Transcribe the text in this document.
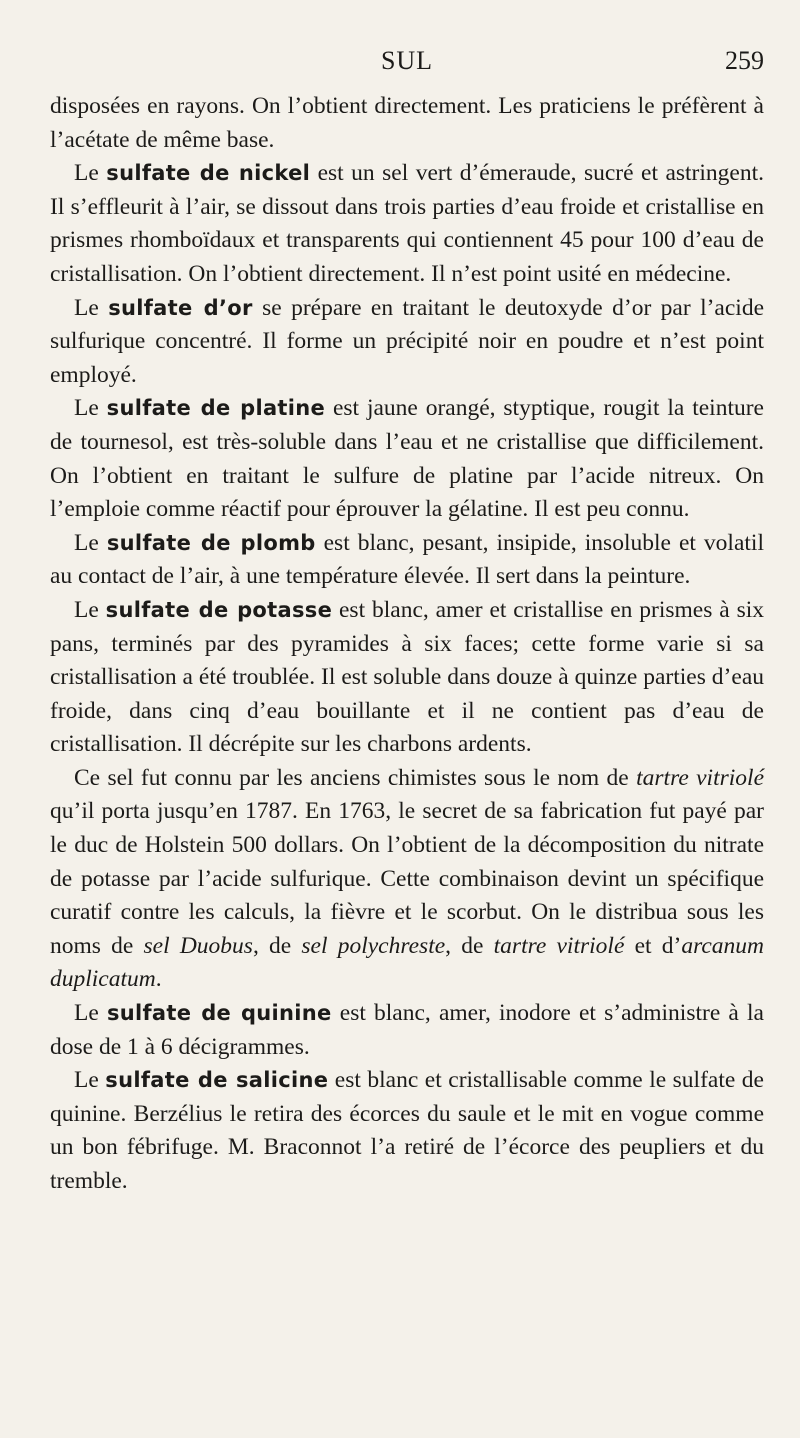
SUL	259

disposées en rayons. On l’obtient directement. Les praticiens le préfèrent à l’acétate de même base.

Le sulfate de nickel est un sel vert d’émeraude, sucré et astringent. Il s’effleurit à l’air, se dissout dans trois parties d’eau froide et cristallise en prismes rhomboïdaux et transparents qui contiennent 45 pour 100 d’eau de cristallisation. On l’obtient directement. Il n’est point usité en médecine.

Le sulfate d’or se prépare en traitant le deutoxyde d’or par l’acide sulfurique concentré. Il forme un précipité noir en poudre et n’est point employé.

Le sulfate de platine est jaune orangé, styptique, rougit la teinture de tournesol, est très-soluble dans l’eau et ne cristallise que difficilement. On l’obtient en traitant le sulfure de platine par l’acide nitreux. On l’emploie comme réactif pour éprouver la gélatine. Il est peu connu.

Le sulfate de plomb est blanc, pesant, insipide, insoluble et volatil au contact de l’air, à une température élevée. Il sert dans la peinture.

Le sulfate de potasse est blanc, amer et cristallise en prismes à six pans, terminés par des pyramides à six faces; cette forme varie si sa cristallisation a été troublée. Il est soluble dans douze à quinze parties d’eau froide, dans cinq d’eau bouillante et il ne contient pas d’eau de cristallisation. Il décrépite sur les charbons ardents.

Ce sel fut connu par les anciens chimistes sous le nom de tartre vitriolé qu’il porta jusqu’en 1787. En 1763, le secret de sa fabrication fut payé par le duc de Holstein 500 dollars. On l’obtient de la décomposition du nitrate de potasse par l’acide sulfurique. Cette combinaison devint un spécifique curatif contre les calculs, la fièvre et le scorbut. On le distribua sous les noms de sel Duobus, de sel polychreste, de tartre vitriolé et d’arcanum duplicatum.

Le sulfate de quinine est blanc, amer, inodore et s’administre à la dose de 1 à 6 décigrammes.

Le sulfate de salicine est blanc et cristallisable comme le sulfate de quinine. Berzélius le retira des écorces du saule et le mit en vogue comme un bon fébrifuge. M. Braconnot l’a retiré de l’écorce des peupliers et du tremble.
